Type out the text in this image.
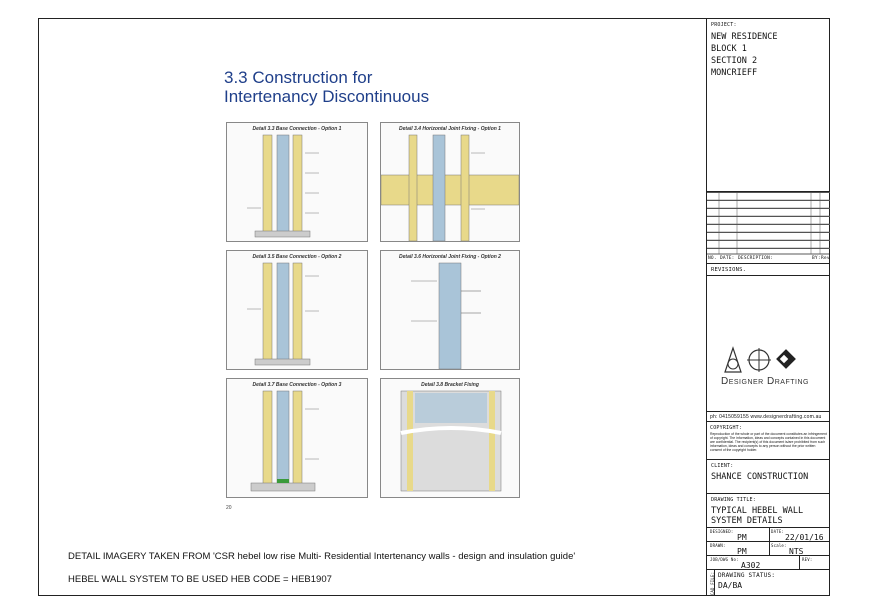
3.3 Construction for
Intertenancy Discontinuous
Detail 3.3 Base Connection - Option 1	Detail 3.4 Horizontal Joint Fixing - Option 1
Detail 3.5 Base Connection - Option 2	Detail 3.6 Horizontal Joint Fixing - Option 2
Detail 3.7 Base Connection - Option 3	Detail 3.8 Bracket Fixing
20
DETAIL IMAGERY TAKEN FROM 'CSR hebel low rise Multi- Residential Intertenancy walls - design and insulation guide'
HEBEL WALL SYSTEM TO BE USED HEB CODE = HEB1907
PROJECT:
NEW RESIDENCE
BLOCK 1
SECTION 2
MONCRIEFF
NO. DATE: DESCRIPTION:	BY: Rev
REVISIONS.
Designer Drafting
ph: 0415059155 www.designerdrafting.com.au
COPYRIGHT:
Reproduction of the whole or part of the document constitutes an infringement of copyright. The information, ideas and concepts contained in this document are confidential. The recipient(s) of this document is/are prohibited from such information, ideas and concepts to any person without the prior written consent of the copyright holder.
CLIENT:
SHANCE CONSTRUCTION
DRAWING TITLE:
TYPICAL HEBEL WALL
SYSTEM DETAILS
DESIGNED:
PM
DATE:
22/01/16
DRAWN:
PM
Scale:
NTS
JOB/DWG No:
A302
REV:
CAD FILE: DRAWING STATUS:
DA/BA
